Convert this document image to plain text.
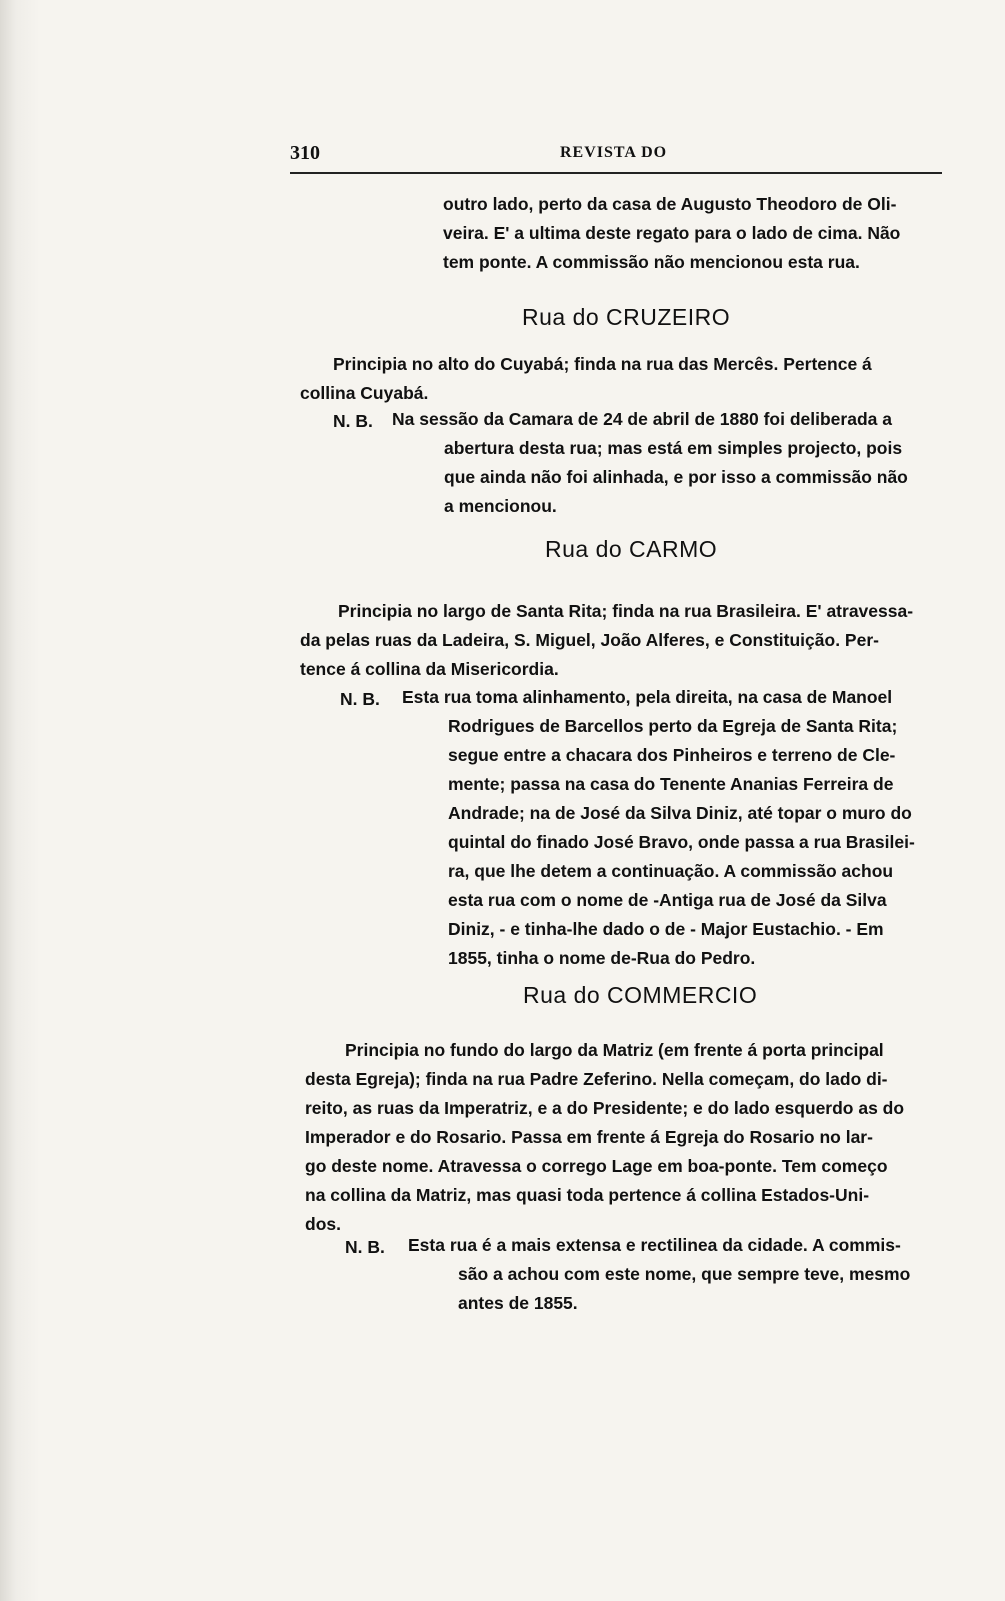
310	REVISTA DO
outro lado, perto da casa de Augusto Theodoro de Oli-
veira. E' a ultima deste regato para o lado de cima. Não
tem ponte. A commissão não mencionou esta rua.
Rua do CRUZEIRO
Principia no alto do Cuyabá; finda na rua das Mercês. Pertence á
collina Cuyabá.
N. B. Na sessão da Camara de 24 de abril de 1880 foi deliberada a
abertura desta rua; mas está em simples projecto, pois
que ainda não foi alinhada, e por isso a commissão não
a mencionou.
Rua do CARMO
Principia no largo de Santa Rita; finda na rua Brasileira. E' atravessa-
da pelas ruas da Ladeira, S. Miguel, João Alferes, e Constituição. Per-
tence á collina da Misericordia.
N. B. Esta rua toma alinhamento, pela direita, na casa de Manoel
Rodrigues de Barcellos perto da Egreja de Santa Rita;
segue entre a chacara dos Pinheiros e terreno de Cle-
mente; passa na casa do Tenente Ananias Ferreira de
Andrade; na de José da Silva Diniz, até topar o muro do
quintal do finado José Bravo, onde passa a rua Brasilei-
ra, que lhe detem a continuação. A commissão achou
esta rua com o nome de -Antiga rua de José da Silva
Diniz, - e tinha-lhe dado o de - Major Eustachio. - Em
1855, tinha o nome de-Rua do Pedro.
Rua do COMMERCIO
Principia no fundo do largo da Matriz (em frente á porta principal
desta Egreja); finda na rua Padre Zeferino. Nella começam, do lado di-
reito, as ruas da Imperatriz, e a do Presidente; e do lado esquerdo as do
Imperador e do Rosario. Passa em frente á Egreja do Rosario no lar-
go deste nome. Atravessa o corrego Lage em boa-ponte. Tem começo
na collina da Matriz, mas quasi toda pertence á collina Estados-Uni-
dos.
N. B. Esta rua é a mais extensa e rectilinea da cidade. A commis-
são a achou com este nome, que sempre teve, mesmo
antes de 1855.
